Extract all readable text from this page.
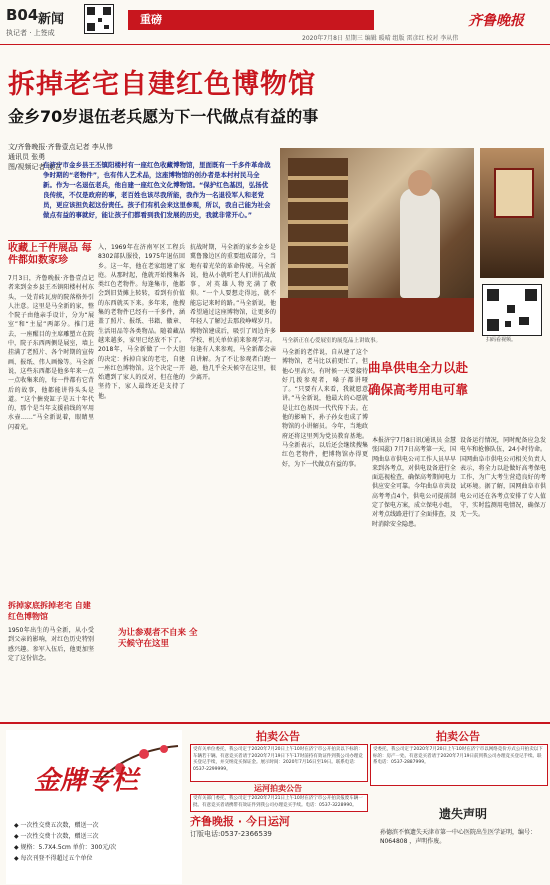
B04 新闻
执记者 · 上签成
重磅	齐鲁晚报
2020年7月8日 星期三 编辑 暖晴 组版 雷彦红 校对 李从伟
拆掉老宅自建红色博物馆
金乡70岁退伍老兵愿为下一代做点有益的事
文/齐鲁晚报·齐鲁壹点记者 李从伟
通讯员 张勇
图/视频记者 康君
在济宁市金乡县王丕镇阳楼村有一座红色收藏博物馆，里面既有一千多件革命战争时期的“老物件”，也有伟人艺术品，这座博物馆的创办者是本村村民马全新。作为一名退伍老兵，他自建一座红色文化博物馆。“保护红色基因，弘扬优良传统，不仅是政府的事，老百姓也该尽我所能，我作为一名退役军人和老党员，更应该担负起这份责任。孩子们有机会来这里参观，所以，我自己能为社会做点有益的事就好，能让孩子们都看到我们发展的历史，我就非常开心。”
马全新正在心爱展室的展览品上讲故事。	扫码看视频。
收藏上千件展品 每件都如数家珍
7月3日，齐鲁晚报·齐鲁壹点记者来到金乡县王丕镇阳楼村村东头，一处青砖瓦房的院落格外引人注意。这里是马全新的家，整个院子由他亲手设计，分为“展室”和“主屋”两部分。推门进去，一座醒目的主席雕塑立在院中，院子东西两侧是展室，墙上挂满了老照片、各个时期的宣传画、报纸、伟人画像等。马全新说，这些东西都是他多年来一点一点收集来的，每一件都有它背后的故事，他都能讲得头头是道。“这个搪瓷缸子是五十年代的，那个是当年支援前线的军用水壶……”马全新说着，眼睛里闪着光。
拆掉家底拆掉老宅 自建红色博物馆
1950年出生的马全新，从小受到父亲的影响，对红色历史特别感兴趣。参军入伍后，他更加坚定了这份信念。
入，1969年在济南军区工程兵8302部队服役，1975年退伍回乡。这一年，他在老家组建了家庭。从那时起，他就开始搜集各类红色老物件。每逢集市，他都会到旧货摊上转转，看到有价值的东西就买下来。多年来，他搜集的老物件已经有一千多件，涵盖了照片、报纸、书籍、徽章、生活用品等各类物品。随着藏品越来越多，家里已经放不下了。2018年，马全新做了一个大胆的决定：拆掉自家的老宅，自建一座红色博物馆。这个决定一开始遭到了家人的反对，但在他的坚持下，家人最终还是支持了他。
为让参观者不自来 全天候守在这里
抗战时期，马全新的家乡金乡是冀鲁豫边区的重要组成部分，当地有着光荣的革命传统。马全新说，他从小就听老人们讲抗战故事，对英雄人物充满了敬仰。“一个人要想走得远，就不能忘记来时的路。”马全新说，他希望通过这座博物馆，让更多的年轻人了解过去那段峥嵘岁月。博物馆建成后，吸引了周边许多学校、机关单位前来参观学习。每逢有人来参观，马全新都会亲自讲解。为了不让参观者白跑一趟，他几乎全天候守在这里，很少离开。
马全新的老伴说，自从建了这个博物馆，老马比以前更忙了，但他心里高兴。有时候一天要接待好几拨参观者，嗓子都讲哑了。“只要有人来看，我就愿意讲。”马全新说，他最大的心愿就是让红色基因一代代传下去。在他的影响下，孙子孙女也成了博物馆的小讲解员。今年，当地政府还将这里列为党员教育基地。马全新表示，以后还会继续搜集红色老物件，把博物馆办得更好，为下一代做点有益的事。
曲阜供电全力以赴
确保高考用电可靠
本报济宁7月8日讯(通讯员 金慧 张国蕊) 7月7日高考第一天，国网曲阜市供电公司工作人员早早来到各考点，对供电设备进行全面巡视检查，确保高考期间电力供应安全可靠。今年曲阜市共设高考考点4个，供电公司提前制定了保电方案，成立保电小组，对考点线路进行了全面排查，及时消除安全隐患。
设备运行情况，同时配备应急发电车和抢修队伍，24小时待命。国网曲阜市供电公司相关负责人表示，将全力以赴做好高考保电工作，为广大考生营造良好的考试环境。据了解，国网曲阜市供电公司还在各考点安排了专人值守，实时监测用电情况，确保万无一失。
金牌专栏
◆ 一次性交费五次数，赠送一次
◆ 一次性交费十次数，赠送三次
◆ 规格：5.7X4.5cm 单价：300元/次
◆ 每次刊登不得超过五个单位
拍卖公告
受有关单位委托，我公司定于2020年7月20日上午10时在济宁市公开拍卖以下标的：车辆若干辆。有意竞买者请于2020年7月19日下午17时前持有效证件到我公司办理竞买登记手续，并交纳竞买保证金。展示时间：2020年7月16日至19日。联系电话：0537-2299999。
拍卖公告
受委托，我公司定于2020年7月20日上午10时在济宁市以网络竞价方式公开拍卖以下标的：房产一处。有意竞买者请于2020年7月19日前到我公司办理竞买登记手续。联系电话：0537-2887999。
运河拍卖公告
受有关部门委托，我公司定于2020年7月21日上午10时在济宁市公开拍卖报废车辆一批。有意竞买者请携带有效证件到我公司办理竞买手续。电话：0537-3228990。
齐鲁晚报 · 今日运河
订版电话:0537-2366539
遗失声明
孙德滨不慎遗失天津市第一中心医院出生医学证明，编号：N064808 ，声明作废。
